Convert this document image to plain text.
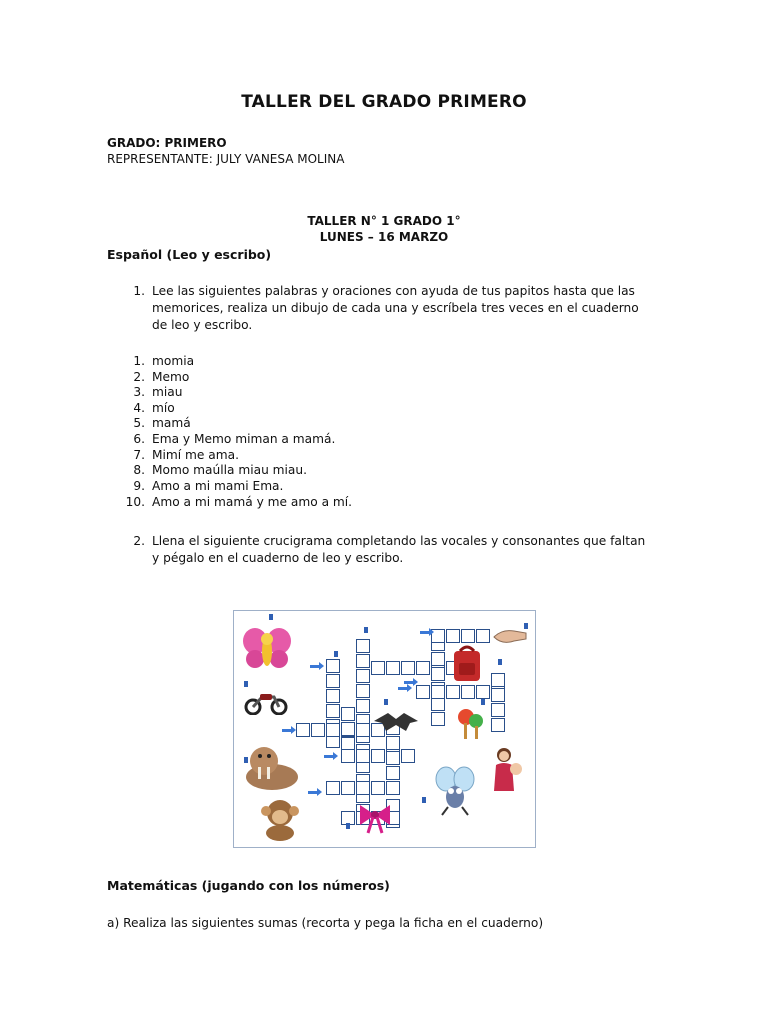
TALLER DEL GRADO PRIMERO
GRADO: PRIMERO
REPRESENTANTE: JULY VANESA MOLINA
TALLER N° 1 GRADO 1°
LUNES – 16 MARZO
Español (Leo y escribo)
1. Lee las siguientes palabras y oraciones con ayuda de tus papitos hasta que las
memorices, realiza un dibujo de cada una y escríbela tres veces en el cuaderno
de leo y escribo.
1. momia
2. Memo
3. miau
4. mío
5. mamá
6. Ema y Memo miman a mamá.
7. Mimí me ama.
8. Momo maúlla miau miau.
9. Amo a mi mami Ema.
10. Amo a mi mamá y me amo a mí.
2. Llena el siguiente crucigrama completando las vocales y consonantes que faltan
y pégalo en el cuaderno de leo y escribo.
Matemáticas (jugando con los números)
a) Realiza las siguientes sumas (recorta y pega la ficha en el cuaderno)
